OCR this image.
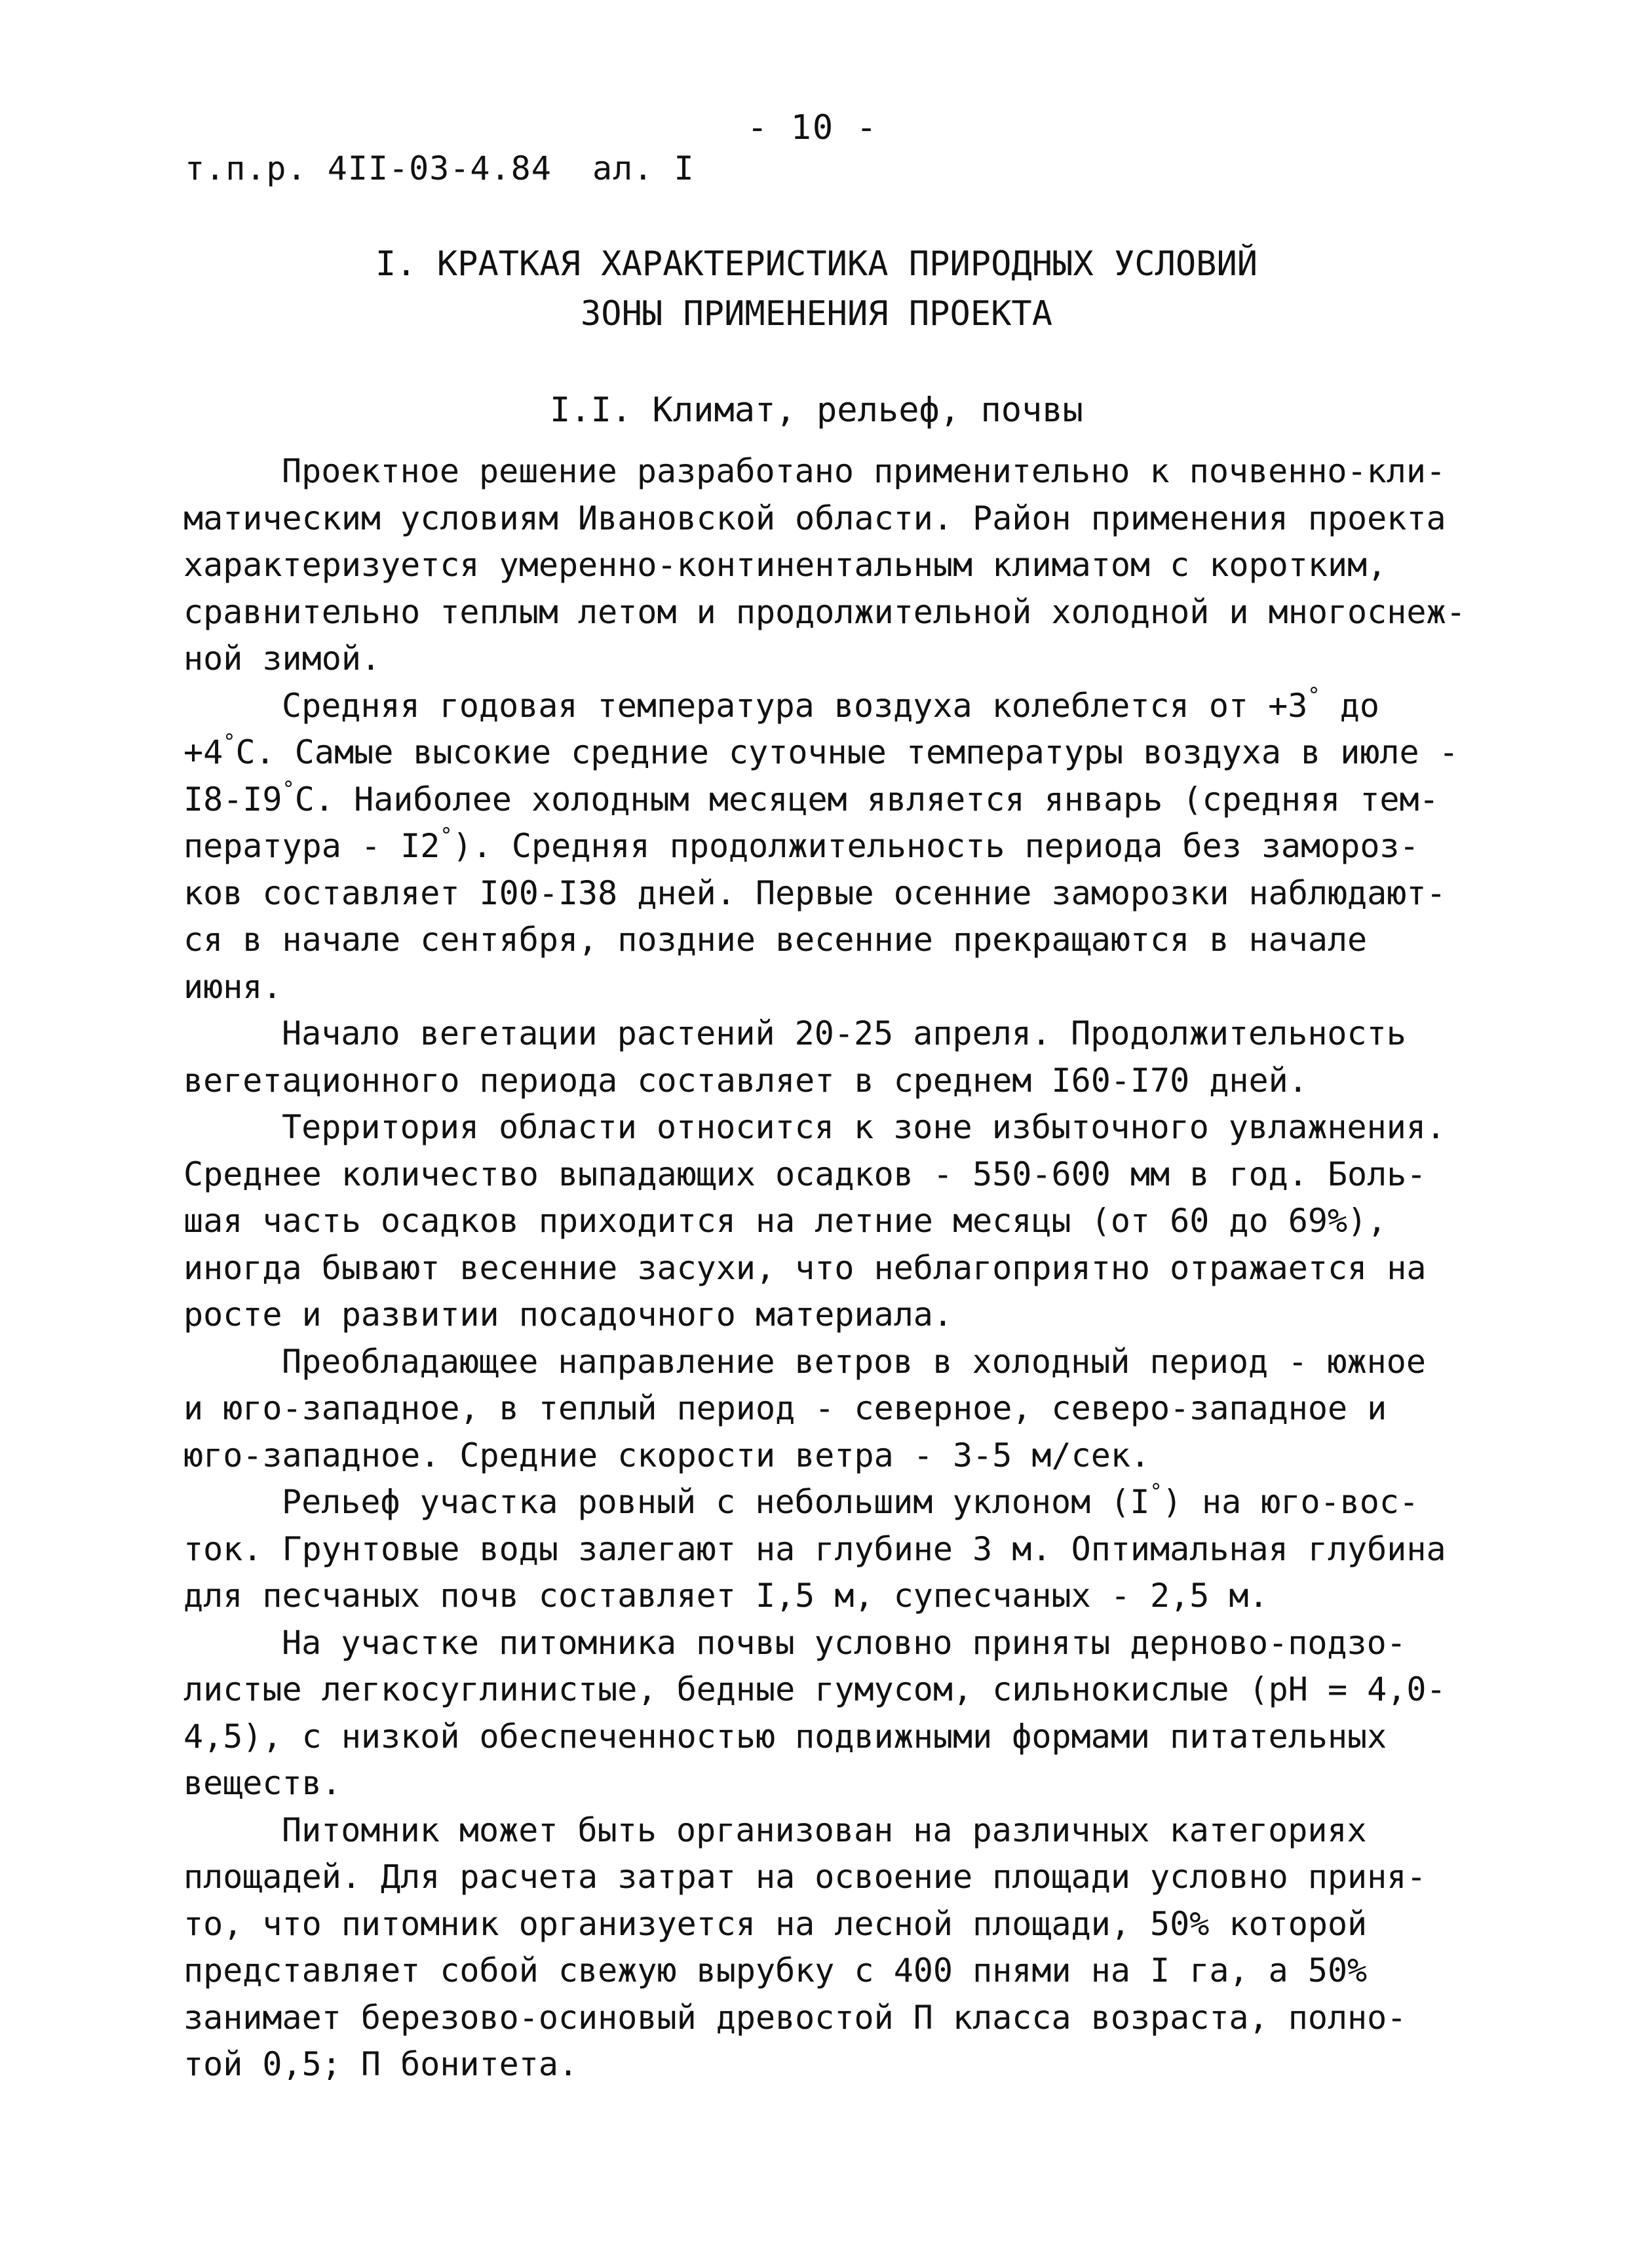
- 10 -
т.п.р. 4II-03-4.84  ал. I
I. КРАТКАЯ ХАРАКТЕРИСТИКА ПРИРОДНЫХ УСЛОВИЙ
ЗОНЫ ПРИМЕНЕНИЯ ПРОЕКТА
I.I. Климат, рельеф, почвы
Проектное решение разработано применительно к почвенно-кли-
матическим условиям Ивановской области. Район применения проекта
характеризуется умеренно-континентальным климатом с коротким,
сравнительно теплым летом и продолжительной холодной и многоснеж-
ной зимой.
Средняя годовая температура воздуха колеблется от +3° до
+4°С. Самые высокие средние суточные температуры воздуха в июле -
I8-I9°С. Наиболее холодным месяцем является январь (средняя тем-
пература - I2°). Средняя продолжительность периода без замороз-
ков составляет I00-I38 дней. Первые осенние заморозки наблюдают-
ся в начале сентября, поздние весенние прекращаются в начале
июня.
Начало вегетации растений 20-25 апреля. Продолжительность
вегетационного периода составляет в среднем I60-I70 дней.
Территория области относится к зоне избыточного увлажнения.
Среднее количество выпадающих осадков - 550-600 мм в год. Боль-
шая часть осадков приходится на летние месяцы (от 60 до 69%),
иногда бывают весенние засухи, что неблагоприятно отражается на
росте и развитии посадочного материала.
Преобладающее направление ветров в холодный период - южное
и юго-западное, в теплый период - северное, северо-западное и
юго-западное. Средние скорости ветра - 3-5 м/сек.
Рельеф участка ровный с небольшим уклоном (I°) на юго-вос-
ток. Грунтовые воды залегают на глубине 3 м. Оптимальная глубина
для песчаных почв составляет I,5 м, супесчаных - 2,5 м.
На участке питомника почвы условно приняты дерново-подзо-
листые легкосуглинистые, бедные гумусом, сильнокислые (pH = 4,0-
4,5), с низкой обеспеченностью подвижными формами питательных
веществ.
Питомник может быть организован на различных категориях
площадей. Для расчета затрат на освоение площади условно приня-
то, что питомник организуется на лесной площади, 50% которой
представляет собой свежую вырубку с 400 пнями на I га, а 50%
занимает березово-осиновый древостой П класса возраста, полно-
той 0,5; П бонитета.
